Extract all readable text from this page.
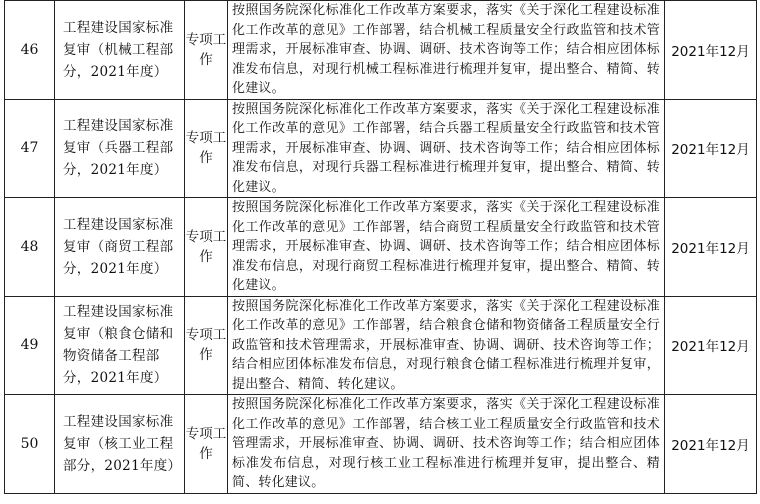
46	工程建设国家标准复审（机械工程部分，2021年度）	专项工作	按照国务院深化标准化工作改革方案要求，落实《关于深化工程建设标准化工作改革的意见》工作部署，结合机械工程质量安全行政监管和技术管理需求，开展标准审查、协调、调研、技术咨询等工作；结合相应团体标准发布信息，对现行机械工程标准进行梳理并复审，提出整合、精简、转化建议。	2021年12月
47	工程建设国家标准复审（兵器工程部分，2021年度）	专项工作	按照国务院深化标准化工作改革方案要求，落实《关于深化工程建设标准化工作改革的意见》工作部署，结合兵器工程质量安全行政监管和技术管理需求，开展标准审查、协调、调研、技术咨询等工作；结合相应团体标准发布信息，对现行兵器工程标准进行梳理并复审，提出整合、精简、转化建议。	2021年12月
48	工程建设国家标准复审（商贸工程部分，2021年度）	专项工作	按照国务院深化标准化工作改革方案要求，落实《关于深化工程建设标准化工作改革的意见》工作部署，结合商贸工程质量安全行政监管和技术管理需求，开展标准审查、协调、调研、技术咨询等工作；结合相应团体标准发布信息，对现行商贸工程标准进行梳理并复审，提出整合、精简、转化建议。	2021年12月
49	工程建设国家标准复审（粮食仓储和物资储备工程部分，2021年度）	专项工作	按照国务院深化标准化工作改革方案要求，落实《关于深化工程建设标准化工作改革的意见》工作部署，结合粮食仓储和物资储备工程质量安全行政监管和技术管理需求，开展标准审查、协调、调研、技术咨询等工作；结合相应团体标准发布信息，对现行粮食仓储工程标准进行梳理并复审，提出整合、精简、转化建议。	2021年12月
50	工程建设国家标准复审（核工业工程部分，2021年度）	专项工作	按照国务院深化标准化工作改革方案要求，落实《关于深化工程建设标准化工作改革的意见》工作部署，结合核工业工程质量安全行政监管和技术管理需求，开展标准审查、协调、调研、技术咨询等工作；结合相应团体标准发布信息，对现行核工业工程标准进行梳理并复审，提出整合、精简、转化建议。	2021年12月
